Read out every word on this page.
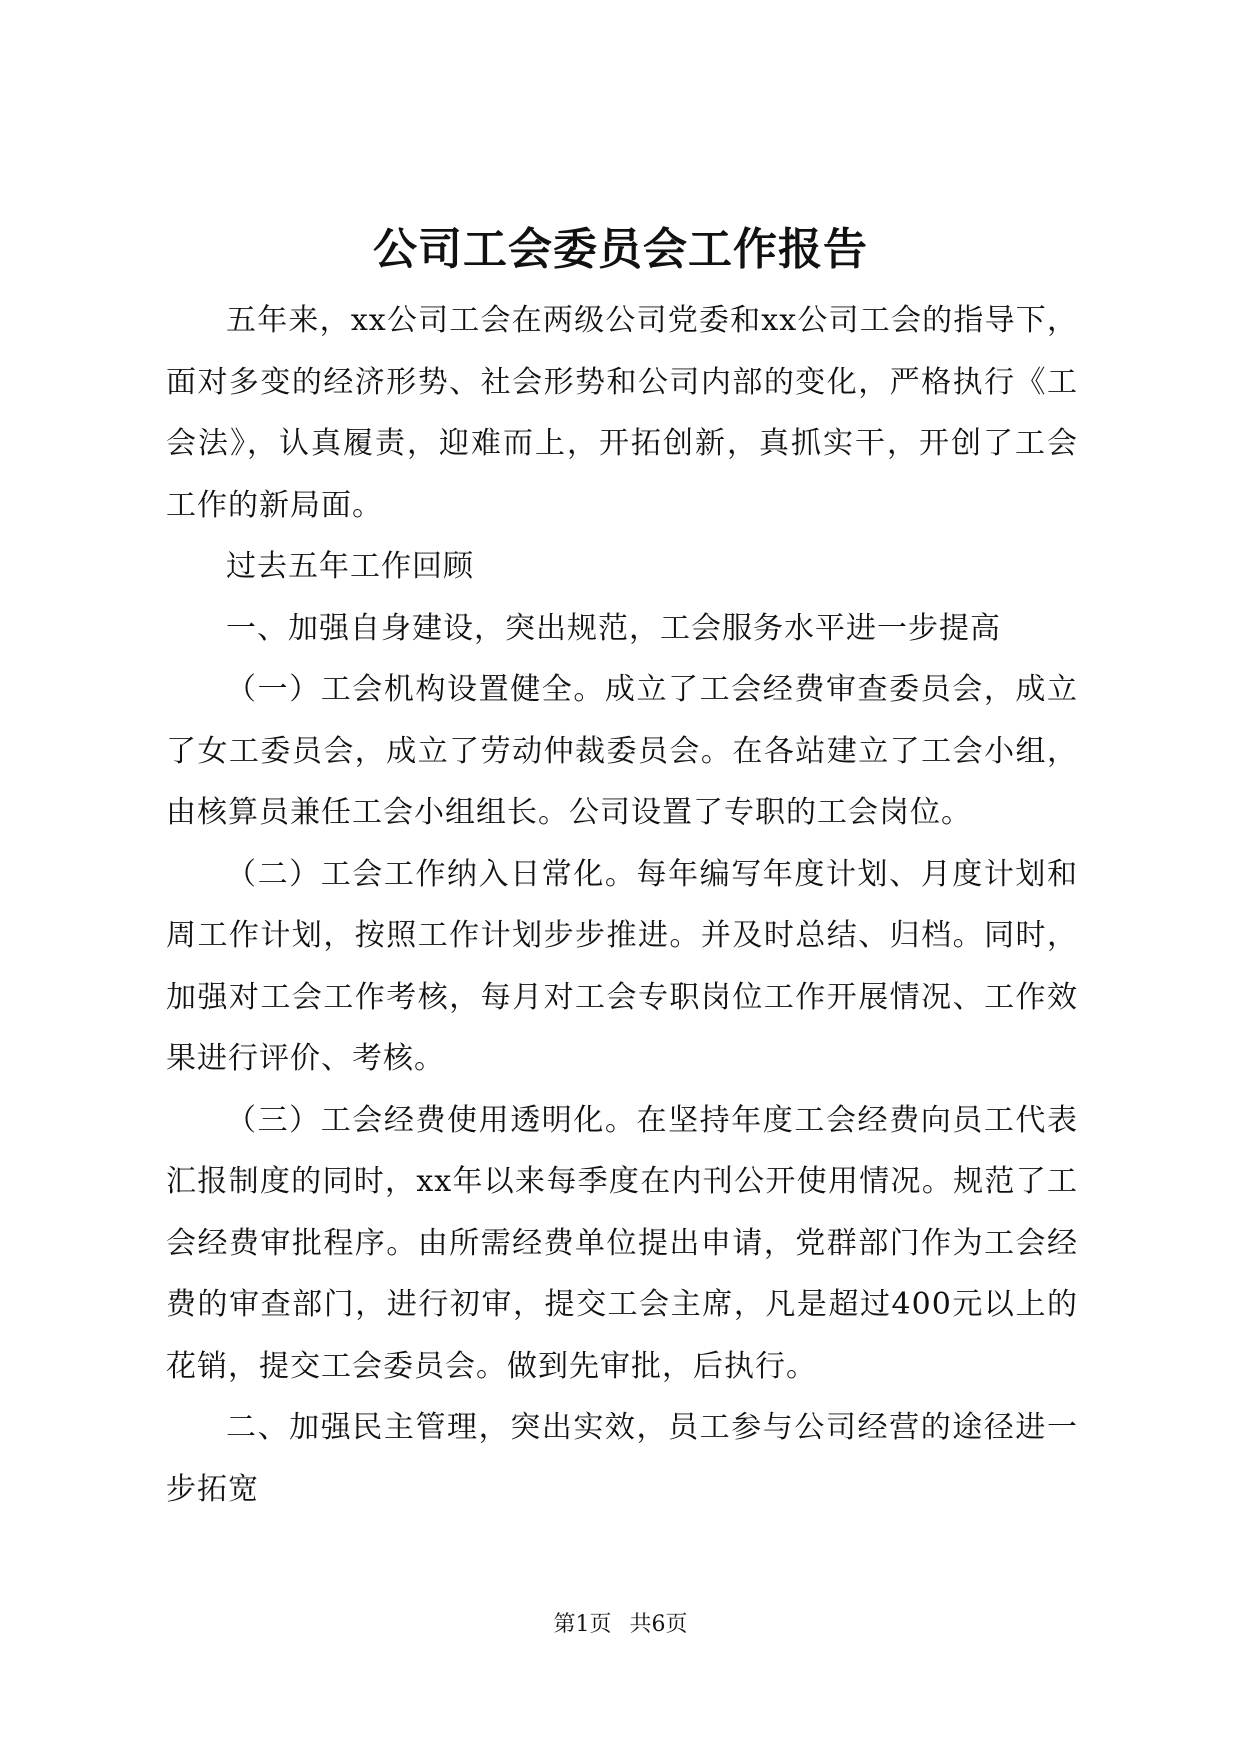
公司工会委员会工作报告

五年来，xx公司工会在两级公司党委和xx公司工会的指导下，面对多变的经济形势、社会形势和公司内部的变化，严格执行《工会法》，认真履责，迎难而上，开拓创新，真抓实干，开创了工会工作的新局面。

过去五年工作回顾

一、加强自身建设，突出规范，工会服务水平进一步提高

（一）工会机构设置健全。成立了工会经费审查委员会，成立了女工委员会，成立了劳动仲裁委员会。在各站建立了工会小组，由核算员兼任工会小组组长。公司设置了专职的工会岗位。

（二）工会工作纳入日常化。每年编写年度计划、月度计划和周工作计划，按照工作计划步步推进。并及时总结、归档。同时，加强对工会工作考核，每月对工会专职岗位工作开展情况、工作效果进行评价、考核。

（三）工会经费使用透明化。在坚持年度工会经费向员工代表汇报制度的同时，xx年以来每季度在内刊公开使用情况。规范了工会经费审批程序。由所需经费单位提出申请，党群部门作为工会经费的审查部门，进行初审，提交工会主席，凡是超过400元以上的花销，提交工会委员会。做到先审批，后执行。

二、加强民主管理，突出实效，员工参与公司经营的途径进一步拓宽

第1页 共6页
